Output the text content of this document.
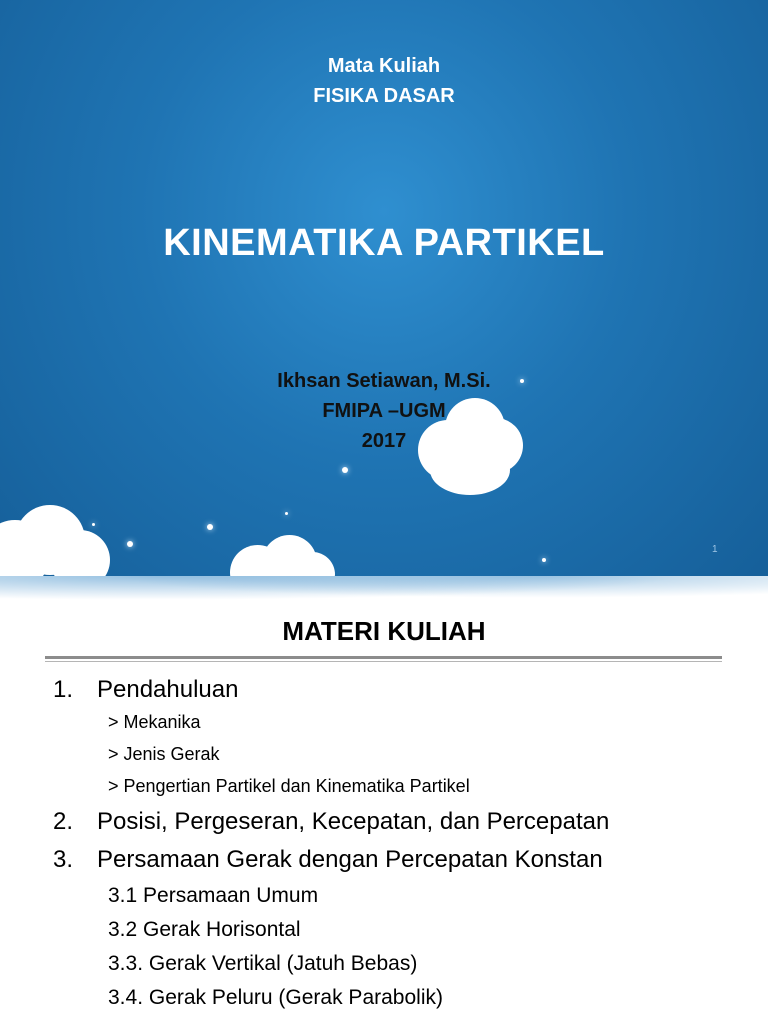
Mata Kuliah
FISIKA DASAR
KINEMATIKA PARTIKEL
Ikhsan Setiawan, M.Si.
FMIPA –UGM
2017
1
MATERI KULIAH
1. Pendahuluan
> Mekanika
> Jenis Gerak
> Pengertian Partikel dan Kinematika Partikel
2. Posisi, Pergeseran, Kecepatan, dan Percepatan
3. Persamaan Gerak dengan Percepatan Konstan
3.1 Persamaan Umum
3.2 Gerak Horisontal
3.3. Gerak Vertikal (Jatuh Bebas)
3.4. Gerak Peluru (Gerak Parabolik)
